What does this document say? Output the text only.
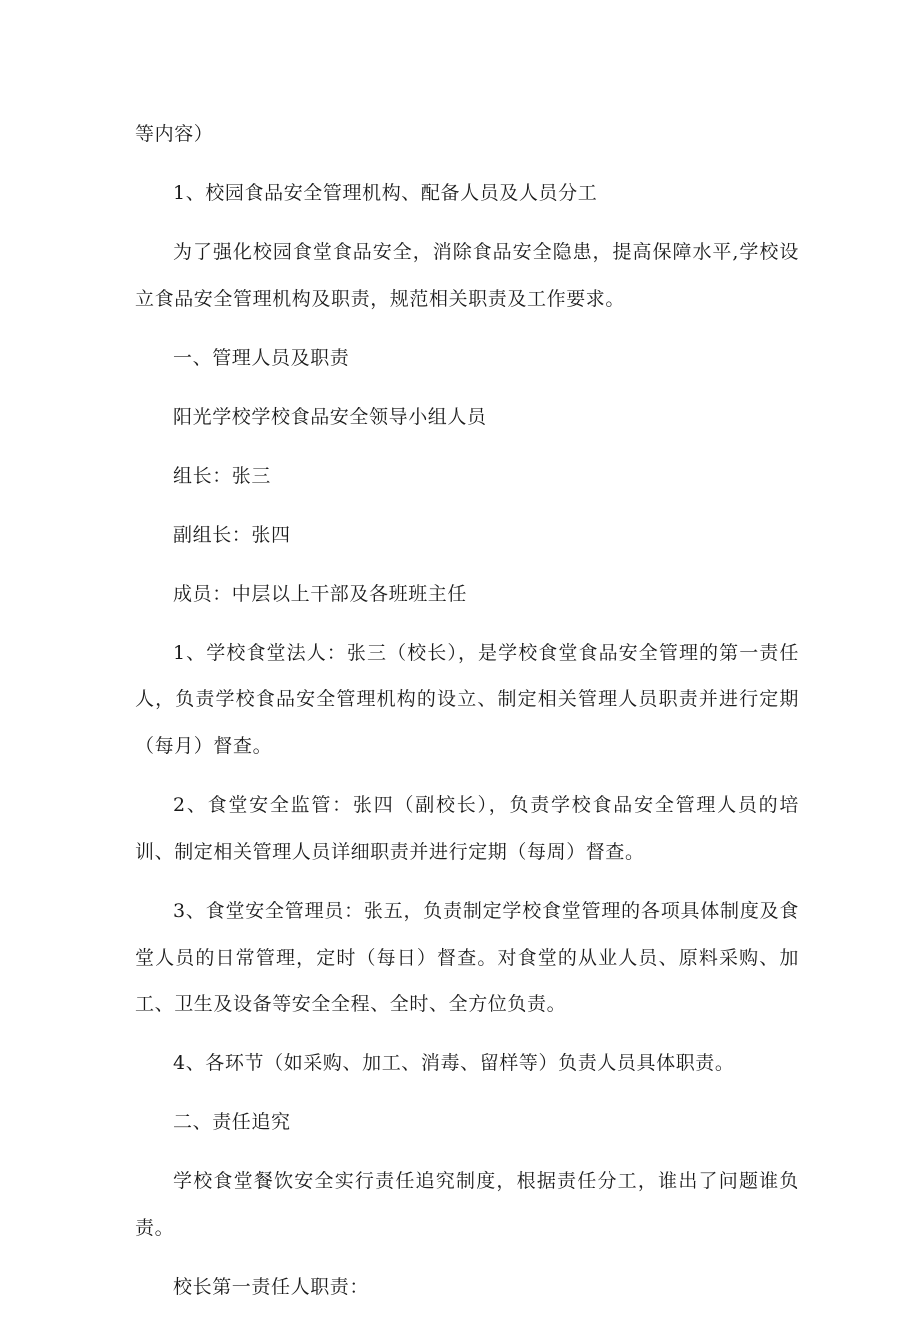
等内容）

1、校园食品安全管理机构、配备人员及人员分工

为了强化校园食堂食品安全，消除食品安全隐患，提高保障水平,学校设立食品安全管理机构及职责，规范相关职责及工作要求。

一、管理人员及职责

阳光学校学校食品安全领导小组人员

组长：张三

副组长：张四

成员：中层以上干部及各班班主任

1、学校食堂法人：张三（校长），是学校食堂食品安全管理的第一责任人，负责学校食品安全管理机构的设立、制定相关管理人员职责并进行定期（每月）督查。

2、食堂安全监管：张四（副校长），负责学校食品安全管理人员的培训、制定相关管理人员详细职责并进行定期（每周）督查。

3、食堂安全管理员：张五，负责制定学校食堂管理的各项具体制度及食堂人员的日常管理，定时（每日）督查。对食堂的从业人员、原料采购、加工、卫生及设备等安全全程、全时、全方位负责。

4、各环节（如采购、加工、消毒、留样等）负责人员具体职责。

二、责任追究

学校食堂餐饮安全实行责任追究制度，根据责任分工，谁出了问题谁负责。

校长第一责任人职责：
